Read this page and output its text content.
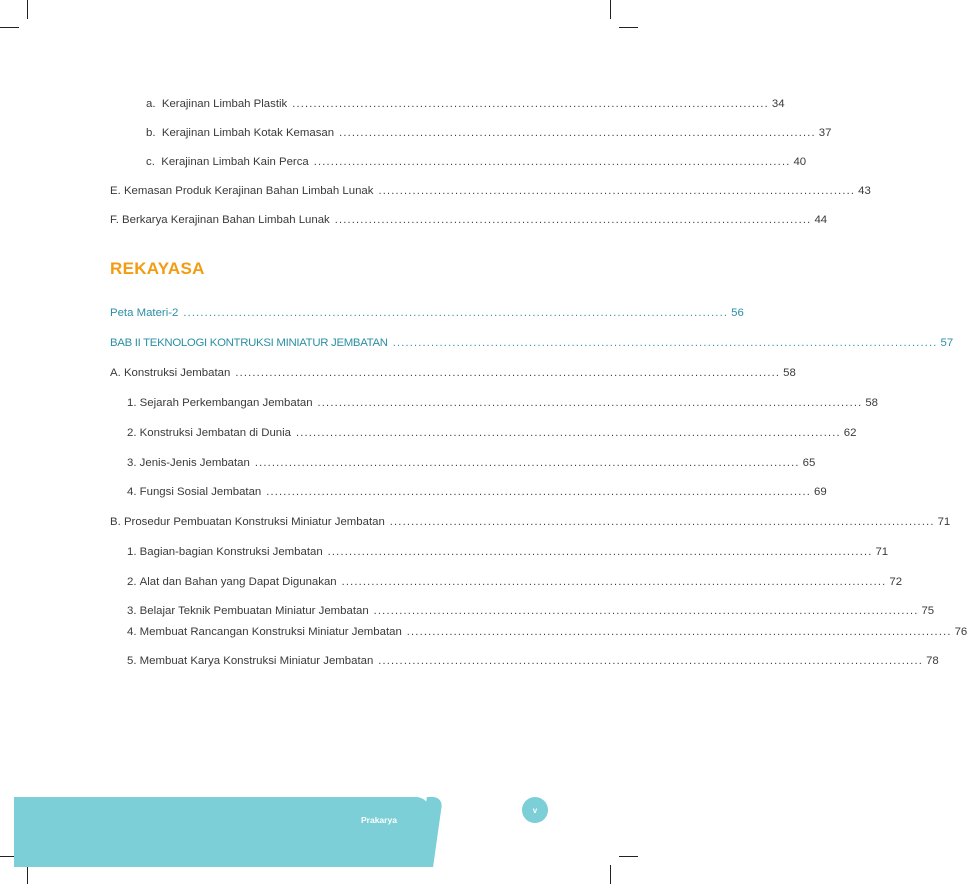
a.
Kerajinan Limbah Plastik ................................................................................................................ 34
b.
Kerajinan Limbah Kotak Kemasan ................................................................................................................ 37
c.
Kerajinan Limbah Kain Perca ................................................................................................................ 40
E.
Kemasan Produk Kerajinan Bahan Limbah Lunak ................................................................................................................ 43
F.
Berkarya Kerajinan Bahan Limbah Lunak ................................................................................................................ 44
REKAYASA
Peta Materi-2 ................................................................................................................................ 56
BAB II TEKNOLOGI KONTRUKSI MINIATUR JEMBATAN ................................................................................................................................ 57
A.
Konstruksi Jembatan ................................................................................................................................ 58
1.
Sejarah Perkembangan Jembatan ................................................................................................................................ 58
2.
Konstruksi Jembatan di Dunia ................................................................................................................................ 62
3.
Jenis-Jenis Jembatan ................................................................................................................................ 65
4.
Fungsi Sosial Jembatan ................................................................................................................................ 69
B.
Prosedur Pembuatan Konstruksi Miniatur Jembatan ................................................................................................................................ 71
1.
Bagian-bagian Konstruksi Jembatan ................................................................................................................................ 71
2.
Alat dan Bahan yang Dapat Digunakan ................................................................................................................................ 72
3.
Belajar Teknik Pembuatan Miniatur Jembatan ................................................................................................................................ 75
4.
Membuat Rancangan Konstruksi Miniatur Jembatan ................................................................................................................................ 76
5.
Membuat Karya Konstruksi Miniatur Jembatan ................................................................................................................................ 78
Prakarya
v
